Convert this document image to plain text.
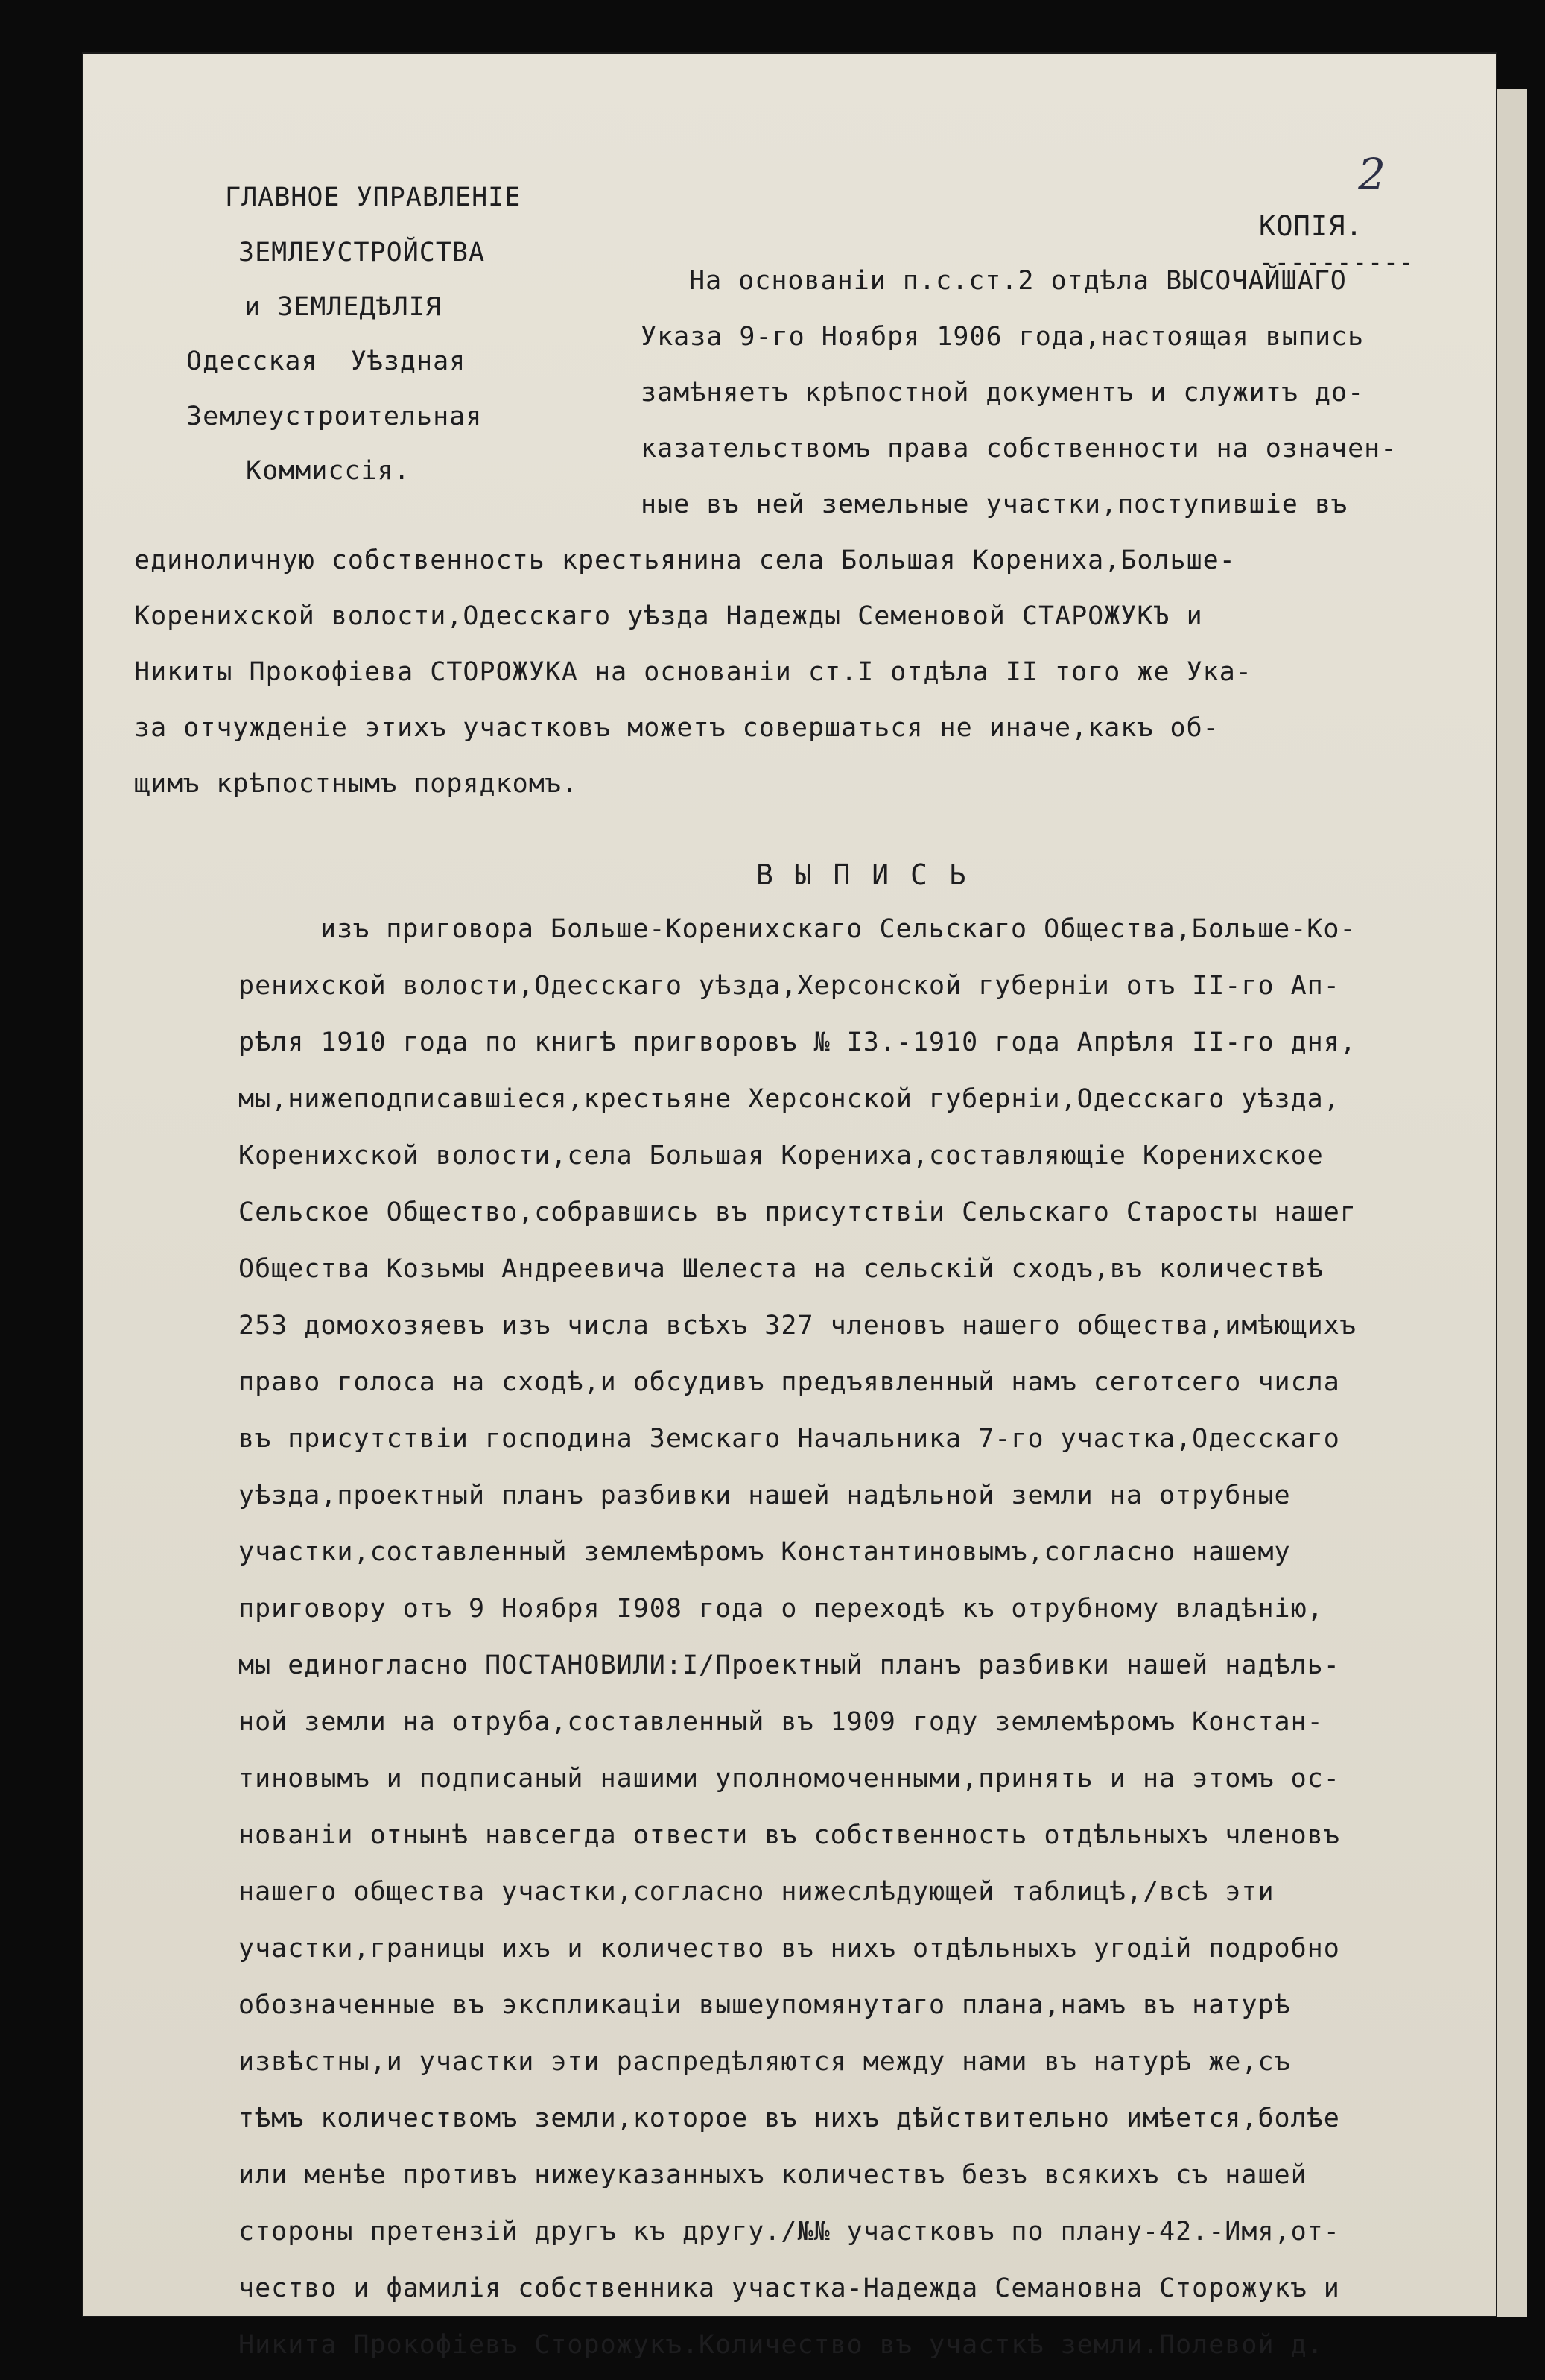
2
КОПІЯ.
----------
ГЛАВНОЕ УПРАВЛЕНІЕ
ЗЕМЛЕУСТРОЙСТВА
и ЗЕМЛЕДѢЛІЯ
Одесская  Уѣздная
Землеустроительная
Коммиссія.
На основаніи п.с.ст.2 отдѣла ВЫСОЧАЙШАГО
Указа 9-го Ноября 1906 года,настоящая выпись
замѣняетъ крѣпостной документъ и служитъ до-
казательствомъ права собственности на означен-
ные въ ней земельные участки,поступившіе въ
единоличную собственность крестьянина села Большая Корениха,Больше-
Коренихской волости,Одесскаго уѣзда Надежды Семеновой СТАРОЖУКЪ и
Никиты Прокофіева СТОРОЖУКА на основаніи ст.I отдѣла II того же Ука-
за отчужденіе этихъ участковъ можетъ совершаться не иначе,какъ об-
щимъ крѣпостнымъ порядкомъ.
В Ы П И С Ь
изъ приговора Больше-Коренихскаго Сельскаго Общества,Больше-Ко-
ренихской волости,Одесскаго уѣзда,Херсонской губерніи отъ II-го Ап-
рѣля 1910 года по книгѣ пригворовъ № I3.-1910 года Апрѣля II-го дня,
мы,нижеподписавшіеся,крестьяне Херсонской губерніи,Одесскаго уѣзда,
Коренихской волости,села Большая Корениха,составляющіе Коренихское
Сельское Общество,собравшись въ присутствіи Сельскаго Старосты нашег
Общества Козьмы Андреевича Шелеста на сельскій сходъ,въ количествѣ
253 домохозяевъ изъ числа всѣхъ 327 членовъ нашего общества,имѣющихъ
право голоса на сходѣ,и обсудивъ предъявленный намъ сеготсего числа
въ присутствіи господина Земскаго Начальника 7-го участка,Одесскаго
уѣзда,проектный планъ разбивки нашей надѣльной земли на отрубные
участки,составленный землемѣромъ Константиновымъ,согласно нашему
приговору отъ 9 Ноября I908 года о переходѣ къ отрубному владѣнію,
мы единогласно ПОСТАНОВИЛИ:I/Проектный планъ разбивки нашей надѣль-
ной земли на отруба,составленный въ 1909 году землемѣромъ Констан-
тиновымъ и подписаный нашими уполномоченными,принять и на этомъ ос-
нованіи отнынѣ навсегда отвести въ собственность отдѣльныхъ членовъ
нашего общества участки,согласно нижеслѣдующей таблицѣ,/всѣ эти
участки,границы ихъ и количество въ нихъ отдѣльныхъ угодій подробно
обозначенные въ экспликаціи вышеупомянутаго плана,намъ въ натурѣ
извѣстны,и участки эти распредѣляются между нами въ натурѣ же,съ
тѣмъ количествомъ земли,которое въ нихъ дѣйствительно имѣется,болѣе
или менѣе противъ нижеуказанныхъ количествъ безъ всякихъ съ нашей
стороны претензій другъ къ другу./№№ участковъ по плану-42.-Имя,от-
чество и фамилія собственника участка-Надежда Семановна Сторожукъ и
Никита Прокофіевъ Сторожукъ.Количество въ участкѣ земли.Полевой д.
